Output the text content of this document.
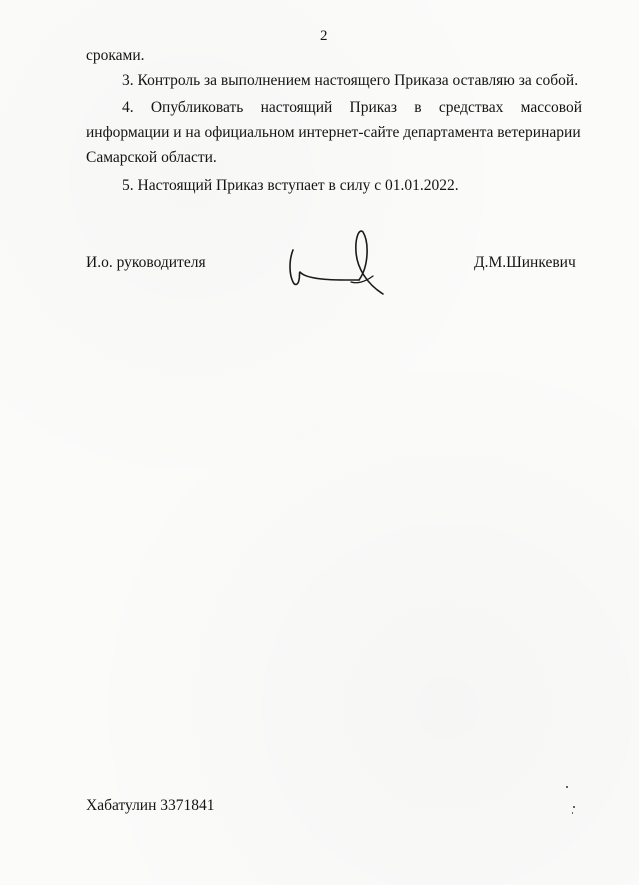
2
сроками.
3. Контроль за выполнением настоящего Приказа оставляю за собой.
4. Опубликовать настоящий Приказ в средствах массовой
информации и на официальном интернет-сайте департамента ветеринарии
Самарской области.
5. Настоящий Приказ вступает в силу с 01.01.2022.
И.о. руководителя	Д.М.Шинкевич
Хабатулин 3371841
